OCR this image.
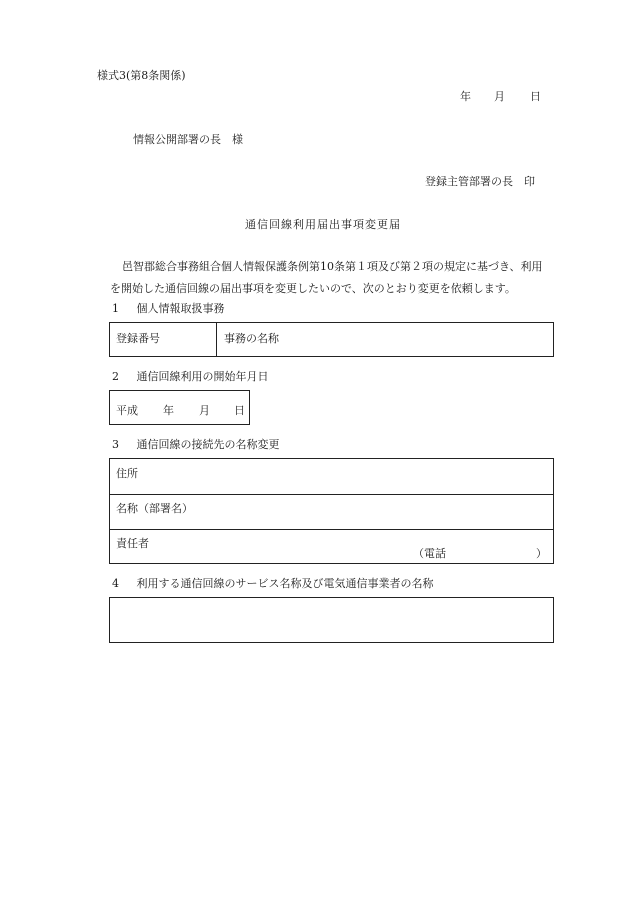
様式3(第8条関係)
年 月 日
情報公開部署の長　様
登録主管部署の長　印
通信回線利用届出事項変更届
邑智郡総合事務組合個人情報保護条例第10条第１項及び第２項の規定に基づき、利用
を開始した通信回線の届出事項を変更したいので、次のとおり変更を依頼します。
1 個人情報取扱事務
登録番号	事務の名称
2 通信回線利用の開始年月日
平成 年 月 日
3 通信回線の接続先の名称変更
住所
名称（部署名）
責任者
（電話	）
4 利用する通信回線のサービス名称及び電気通信事業者の名称
